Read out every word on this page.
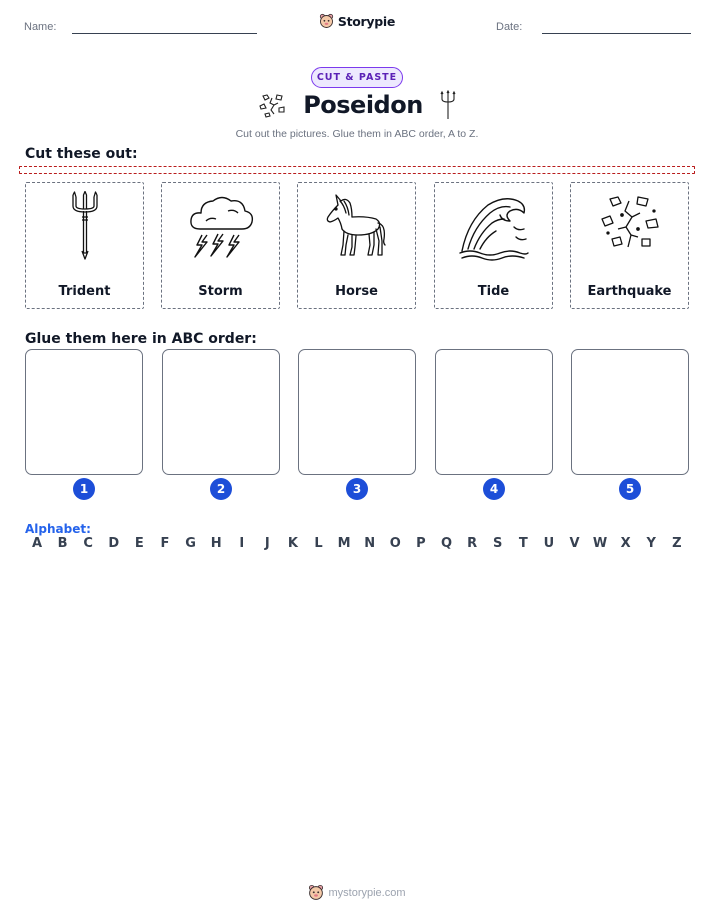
Name:	Storypie	Date:
CUT & PASTE
Poseidon
Cut out the pictures. Glue them in ABC order, A to Z.
Cut these out:
Trident	Storm	Horse	Tide	Earthquake
Glue them here in ABC order:
1	2	3	4	5
Alphabet:
A	B	C	D	E	F	G	H	I	J	K	L	M	N	O	P	Q	R	S	T	U	V	W	X	Y	Z
mystorypie.com
